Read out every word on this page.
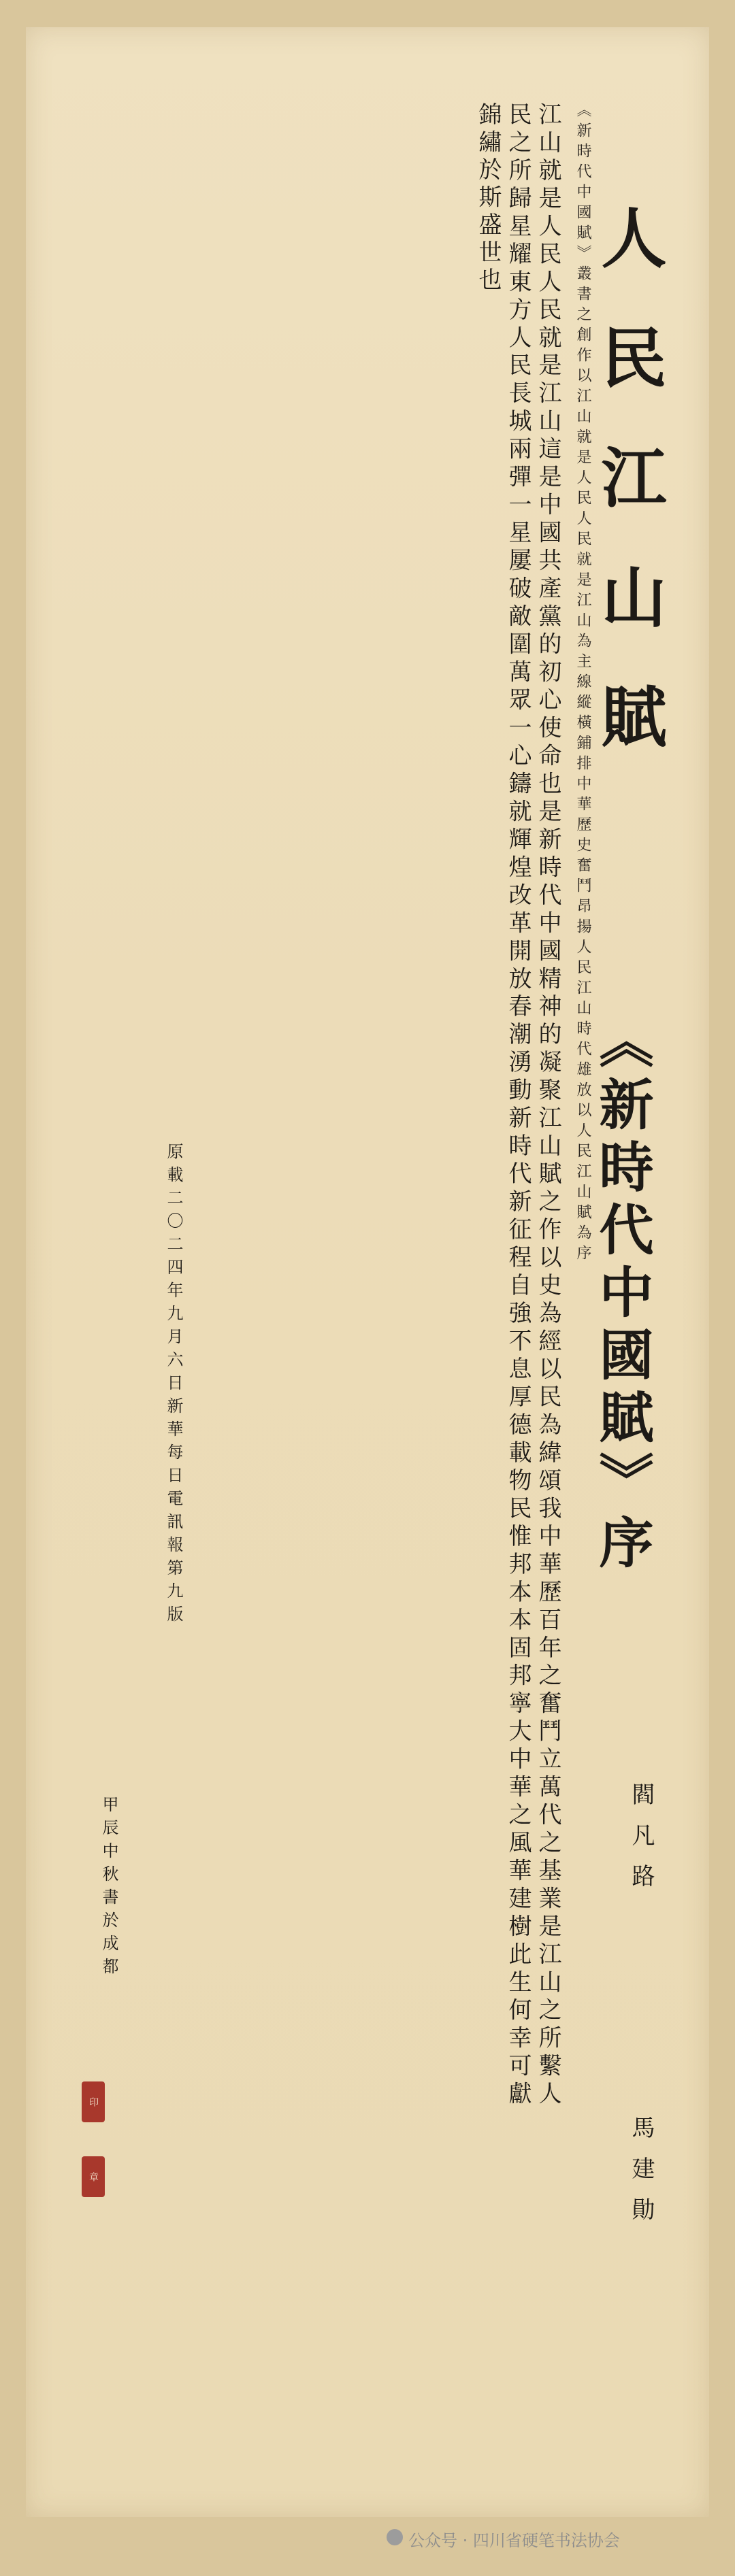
人民江山賦
《新時代中國賦》序
閻凡路
馬建勛
《新時代中國賦》叢書之創作以江山就是人民人民就是江山為主線縱橫鋪排中華歷史奮鬥昂揚人民江山時代雄放以人民江山賦為序
江山就是人民人民就是江山這是中國共產黨的初心使命也是新時代中國精神的凝聚江山賦之作以史為經以民為緯頌我中華歷百年之奮鬥立萬代之基業是江山之所繫人民之所歸星耀東方人民長城兩彈一星屢破敵圍萬眾一心鑄就輝煌改革開放春潮湧動新時代新征程自強不息厚德載物民惟邦本本固邦寧大中華之風華建樹此生何幸可獻錦繡於斯盛世也
原載二〇二四年九月六日新華每日電訊報第九版
甲辰中秋書於成都
印
章
公众号 · 四川省硬笔书法协会
